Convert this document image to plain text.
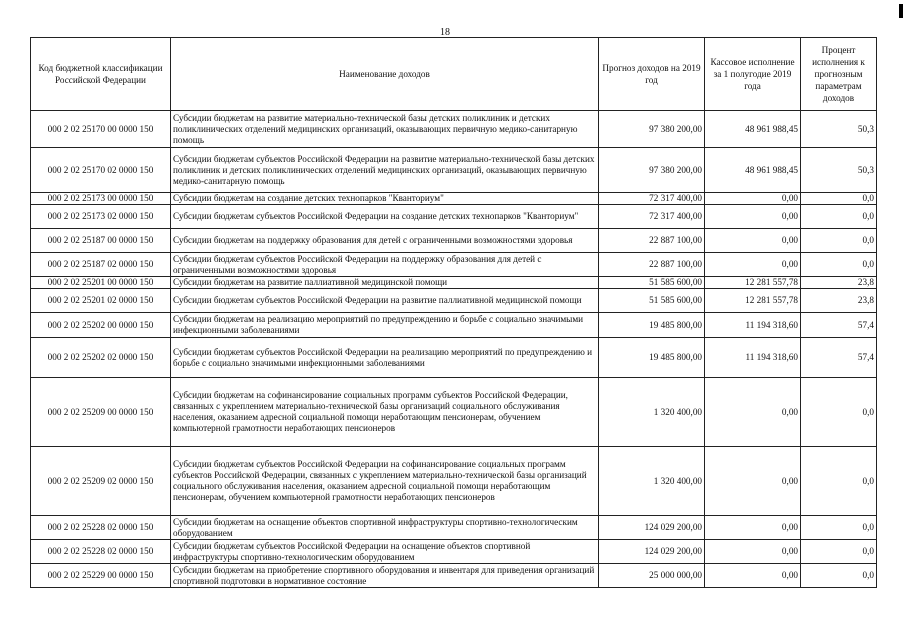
18
Код бюджетной классификации Российской Федерации	Наименование доходов	Прогноз доходов на 2019 год	Кассовое исполнение за 1 полугодие 2019 года	Процент исполнения к прогнозным параметрам доходов
000 2 02 25170 00 0000 150	Субсидии бюджетам на развитие материально-технической базы детских поликлиник и детских поликлинических отделений медицинских организаций, оказывающих первичную медико-санитарную помощь	97 380 200,00	48 961 988,45	50,3
000 2 02 25170 02 0000 150	Субсидии бюджетам субъектов Российской Федерации на развитие материально-технической базы детских поликлиник и детских поликлинических отделений медицинских организаций, оказывающих первичную медико-санитарную помощь	97 380 200,00	48 961 988,45	50,3
000 2 02 25173 00 0000 150	Субсидии бюджетам на создание детских технопарков "Кванториум"	72 317 400,00	0,00	0,0
000 2 02 25173 02 0000 150	Субсидии бюджетам субъектов Российской Федерации на создание детских технопарков "Кванториум"	72 317 400,00	0,00	0,0
000 2 02 25187 00 0000 150	Субсидии бюджетам на поддержку образования для детей с ограниченными возможностями здоровья	22 887 100,00	0,00	0,0
000 2 02 25187 02 0000 150	Субсидии бюджетам субъектов Российской Федерации на поддержку образования для детей с ограниченными возможностями здоровья	22 887 100,00	0,00	0,0
000 2 02 25201 00 0000 150	Субсидии бюджетам на развитие паллиативной медицинской помощи	51 585 600,00	12 281 557,78	23,8
000 2 02 25201 02 0000 150	Субсидии бюджетам субъектов Российской Федерации на развитие паллиативной медицинской помощи	51 585 600,00	12 281 557,78	23,8
000 2 02 25202 00 0000 150	Субсидии бюджетам на реализацию мероприятий по предупреждению и борьбе с социально значимыми инфекционными заболеваниями	19 485 800,00	11 194 318,60	57,4
000 2 02 25202 02 0000 150	Субсидии бюджетам субъектов Российской Федерации на реализацию мероприятий по предупреждению и борьбе с социально значимыми инфекционными заболеваниями	19 485 800,00	11 194 318,60	57,4
000 2 02 25209 00 0000 150	Субсидии бюджетам на софинансирование социальных программ субъектов Российской Федерации, связанных с укреплением материально-технической базы организаций социального обслуживания населения, оказанием адресной социальной помощи неработающим пенсионерам, обучением компьютерной грамотности неработающих пенсионеров	1 320 400,00	0,00	0,0
000 2 02 25209 02 0000 150	Субсидии бюджетам субъектов Российской Федерации на софинансирование социальных программ субъектов Российской Федерации, связанных с укреплением материально-технической базы организаций социального обслуживания населения, оказанием адресной социальной помощи неработающим пенсионерам, обучением компьютерной грамотности неработающих пенсионеров	1 320 400,00	0,00	0,0
000 2 02 25228 02 0000 150	Субсидии бюджетам на оснащение объектов спортивной инфраструктуры спортивно-технологическим оборудованием	124 029 200,00	0,00	0,0
000 2 02 25228 02 0000 150	Субсидии бюджетам субъектов Российской Федерации на оснащение объектов спортивной инфраструктуры спортивно-технологическим оборудованием	124 029 200,00	0,00	0,0
000 2 02 25229 00 0000 150	Субсидии бюджетам на приобретение спортивного оборудования и инвентаря для приведения организаций спортивной подготовки в нормативное состояние	25 000 000,00	0,00	0,0
